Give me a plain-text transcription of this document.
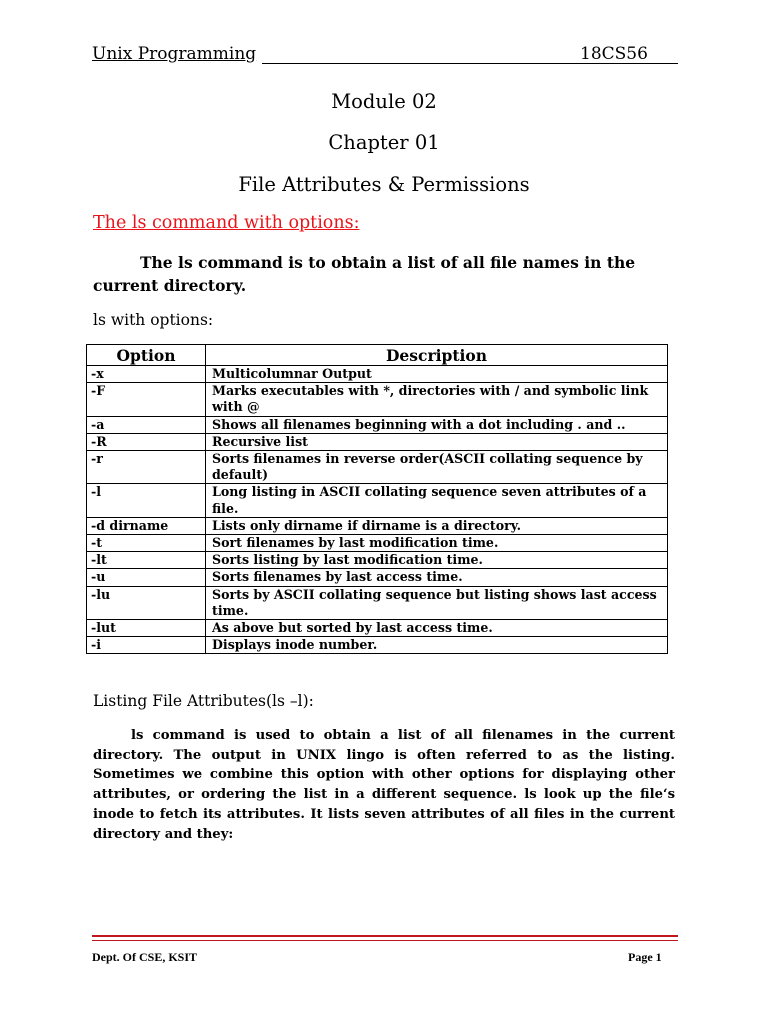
Unix Programming	18CS56
Module 02
Chapter 01
File Attributes & Permissions
The ls command with options:
The ls command is to obtain a list of all file names in the current directory.
ls with options:
Option	Description
-x	Multicolumnar Output
-F	Marks executables with *, directories with / and symbolic link with @
-a	Shows all filenames beginning with a dot including . and ..
-R	Recursive list
-r	Sorts filenames in reverse order(ASCII collating sequence by default)
-l	Long listing in ASCII collating sequence seven attributes of a file.
-d dirname	Lists only dirname if dirname is a directory.
-t	Sort filenames by last modification time.
-lt	Sorts listing by last modification time.
-u	Sorts filenames by last access time.
-lu	Sorts by ASCII collating sequence but listing shows last access time.
-lut	As above but sorted by last access time.
-i	Displays inode number.
Listing File Attributes(ls –l):
ls command is used to obtain a list of all filenames in the current directory. The output in UNIX lingo is often referred to as the listing. Sometimes we combine this option with other options for displaying other attributes, or ordering the list in a different sequence. ls look up the file‘s inode to fetch its attributes. It lists seven attributes of all files in the current directory and they:
Dept. Of CSE, KSIT	Page 1
